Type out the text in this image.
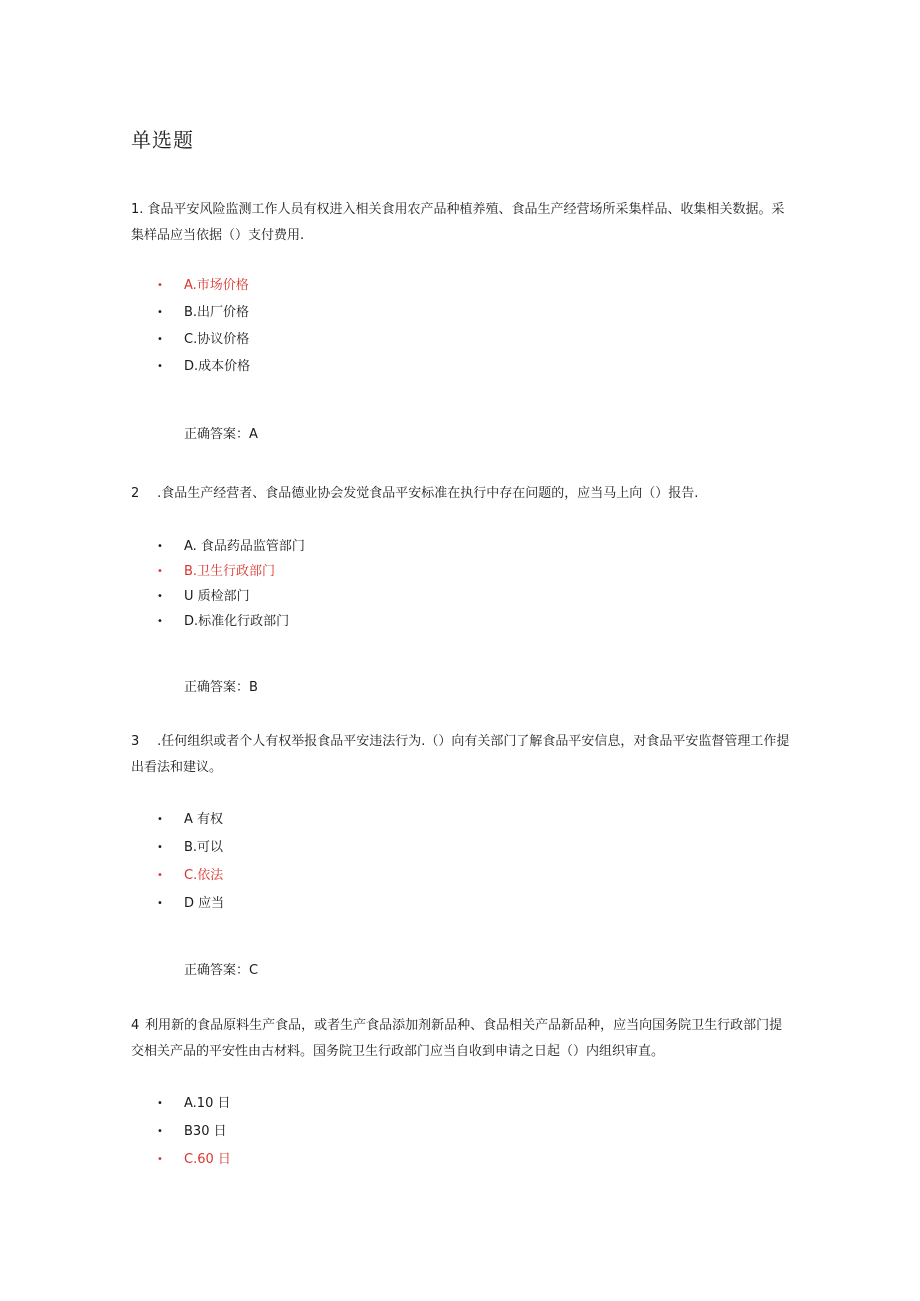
单选题
1. 食品平安风险监测工作人员有权进入相关食用农产品种植养殖、食品生产经营场所采集样品、收集相关数据。采集样品应当依据（）支付费用.
• A.市场价格
• B.出厂价格
• C.协议价格
• D.成本价格
正确答案：A
2 .食品生产经营者、食品德业协会发觉食品平安标准在执行中存在问题的，应当马上向（）报告.
• A. 食品药品监管部门
• B.卫生行政部门
• U 质检部门
• D.标准化行政部门
正确答案：B
3 .任何组织或者个人有权举报食品平安违法行为.（）向有关部门了解食品平安信息，对食品平安监督管理工作提出看法和建议。
• A 有权
• B.可以
• C.依法
• D 应当
正确答案：C
4 利用新的食品原料生产食品，或者生产食品添加剂新品种、食品相关产品新品种，应当向国务院卫生行政部门提交相关产品的平安性由古材料。国务院卫生行政部门应当自收到申请之日起（）内组织审直。
• A.10 日
• B30 日
• C.60 日
